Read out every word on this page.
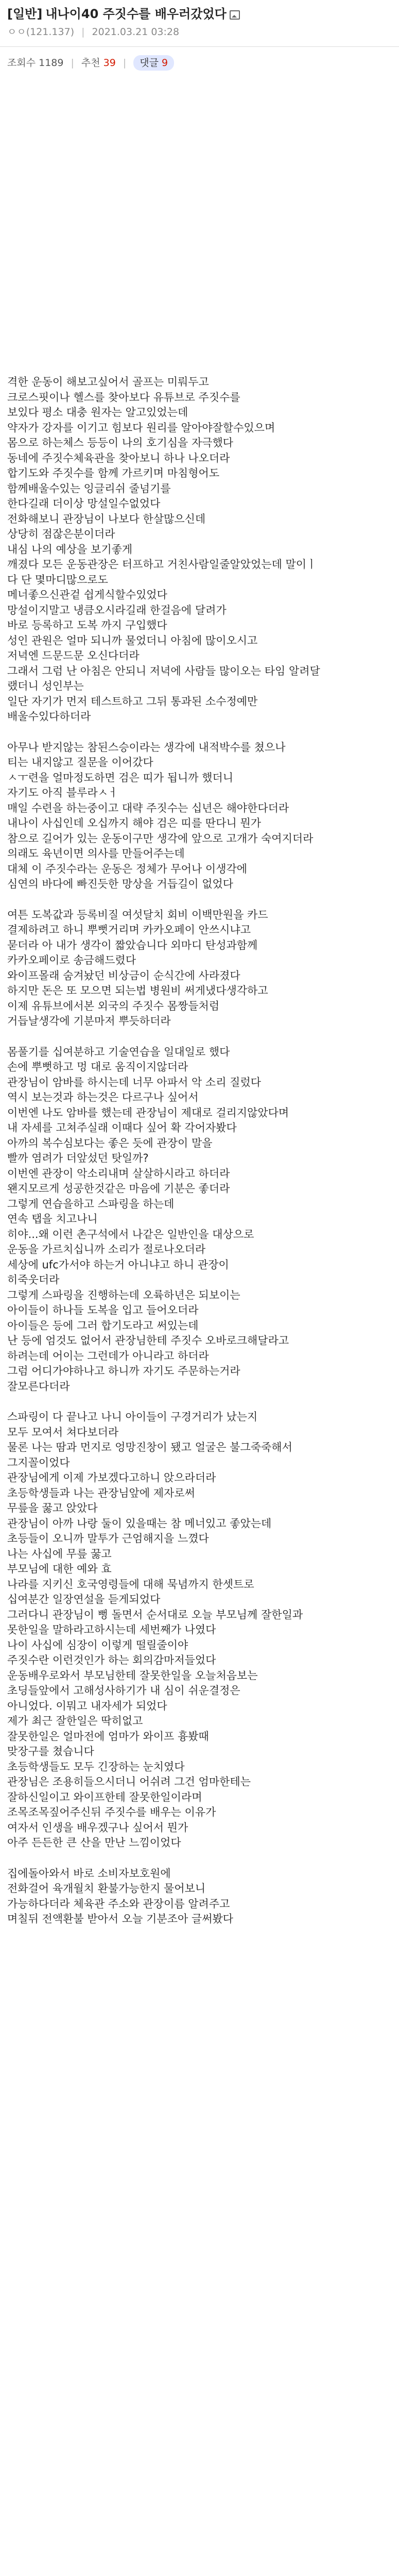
[일반] 내나이40 주짓수를 배우러갔었다
ㅇㅇ(121.137) | 2021.03.21 03:28
조회수 1189 | 추천 39 |	댓글 9
격한 운동이 해보고싶어서 골프는 미뤄두고
크로스핏이나 헬스를 찾아보다 유튜브로 주짓수를
보있다 평소 대충 원자는 알고있었는데
약자가 강자를 이기고 힘보다 원리를 알아야잘할수있으며
몸으로 하는체스 등등이 나의 호기심을 자극했다
동네에 주짓수체육관을 찾아보니 하나 나오더라
합기도와 주짓수를 함께 가르키며 마침형어도
함께배울수있는 잉글리쉬 줄넘기를
한다길래 더이상 망설일수없었다
전화해보니 관장님이 나보다 한살많으신데
상당히 점잖은분이더라
내심 나의 예상을 보기좋게
깨졌다 모든 운동관장은 터프하고 거친사람일줄알았었는데 말이ㅣ
다 단 몇마디많으로도
메너좋으신관겉 쉽게식할수있었다
망설이지말고 냉큼오시라길래 한걸음에 달려가
바로 등록하고 도복 까지 구입했다
성인 관원은 얼마 되니까 물었더니 아침에 많이오시고
저녁엔 드문드문 오신다더라
그래서 그럼 난 아침은 안되니 저녁에 사람들 많이오는 타임 알려달
랬더니 성인부는
일단 자기가 먼저 테스트하고 그뒤 통과된 소수정예만
배울수있다하더라
아무나 받지않는 참된스승이라는 생각에 내적박수를 쳤으나
티는 내지않고 질문을 이어갔다
ㅅㅜ련을 얼마정도하면 검은 띠가 됩니까 했더니
자기도 아직 블루라ㅅㅓ
매일 수련을 하는중이고 대략 주짓수는 십년은 해야한다더라
내나이 사십인데 오십까지 해야 검은 띠를 딴다니 뭔가
참으로 길어가 있는 운동이구만 생각에 앞으로 고개가 숙여지더라
의래도 육년이면 의사를 만들어주는데
대체 이 주짓수라는 운동은 정체가 무어나 이생각에
심연의 바다에 빠진듯한 망상을 거듭길이 없었다
여튼 도복값과 등록비질 여섯달치 회비 이백만원을 카드
결제하려고 하니 뿌뻣거리며 카카오페이 안쓰시냐고
묻더라 아 내가 생각이 짧았습니다 외마디 탄성과함께
카카오페이로 송금해드렸다
와이프몰래 숨겨놨던 비상금이 순식간에 사라졌다
하지만 돈은 또 모으면 되는법 병원비 써게냈다생각하고
이제 유튜브에서본 외국의 주짓수 몸짱들처럼
거듭날생각에 기분마저 뿌듯하더라
몸풀기를 십여분하고 기술연습을 일대일로 했다
손에 뿌뻣하고 멍 대로 움직이지않더라
관장님이 암바를 하시는데 너무 아파서 악 소리 질렀다
역시 보는것과 하는것은 다르구나 싶어서
이번엔 나도 암바를 했는데 관장님이 제대로 걸리지않았다며
내 자세를 고쳐주실래 이때다 싶어 확 각어자봤다
아까의 복수심보다는 좋은 듯에 관장이 말을
빨까 염려가 더앞섰던 탓일까?
이번엔 관장이 악소리내며 살살하시라고 하더라
왠지모르게 성공한것같은 마음에 기분은 좋더라
그렇게 연습을하고 스파링을 하는데
연속 탭을 치고나니
히야...왜 이런 촌구석에서 나같은 일반인을 대상으로
운동을 가르치십니까 소리가 절로나오더라
세상에 ufc가서야 하는거 아니냐고 하니 관장이
히죽웃더라
그렇게 스파링을 진행하는데 오륙하년은 되보이는
아이들이 하나들 도복을 입고 들어오더라
아이들은 등에 그러 합기도라고 써있는데
난 등에 엄것도 없어서 관장님한테 주짓수 오바로크해달라고
하려는데 어이는 그런데가 아니라고 하더라
그럼 어디가야하나고 하니까 자기도 주문하는거라
잘모른다더라
스파링이 다 끝나고 나니 아이들이 구경거리가 났는지
모두 모여서 쳐다보더라
물론 나는 땀과 먼지로 엉망진창이 됐고 얼굴은 불그죽죽해서
그지꼴이었다
관장님에게 이제 가보겠다고하니 앉으라더라
초등학생들과 나는 관장님앞에 제자로써
무릎을 꿇고 앉았다
관장님이 아까 나랑 둘이 있을때는 참 메너있고 좋았는데
초등들이 오니까 말투가 근엄해지을 느꼈다
나는 사십에 무릎 꿇고
부모님에 대한 예와 효
나라를 지키신 호국영령들에 대해 묵념까지 한셋트로
십여분간 일장연설을 듣게되었다
그러다니 관장님이 뻥 돌면서 순서대로 오늘 부모님께 잘한일과
못한일을 말하라고하시는데 세번째가 나였다
나이 사십에 심장이 이렇게 떨릴줄이야
주짓수란 이런것인가 하는 회의감마저들었다
운동배우로와서 부모님한테 잘못한일을 오늘처음보는
초딩들앞에서 고해성사하기가 내 심이 쉬운결정은
아니었다. 이뭐고 내자세가 되었다
제가 최근 잘한일은 딱히없고
잘못한일은 얼마전에 엄마가 와이프 흉봤때
맞장구를 쳤습니다
초등학생들도 모두 긴장하는 눈치였다
관장님은 조용히들으시더니 어쉬려 그건 엄마한테는
잘하신일이고 와이프한테 잘못한일이라며
조목조목짚어주신뒤 주짓수를 배우는 이유가
여자서 인생을 배우겠구나 싶어서 뭔가
아주 든든한 큰 산을 만난 느낌이었다
집에돌아와서 바로 소비자보호원에
전화걸어 육개월치 환불가능한지 물어보니
가능하다더라 체육관 주소와 관장이름 알려주고
며칠뒤 전액환불 받아서 오늘 기분조아 글써봤다
